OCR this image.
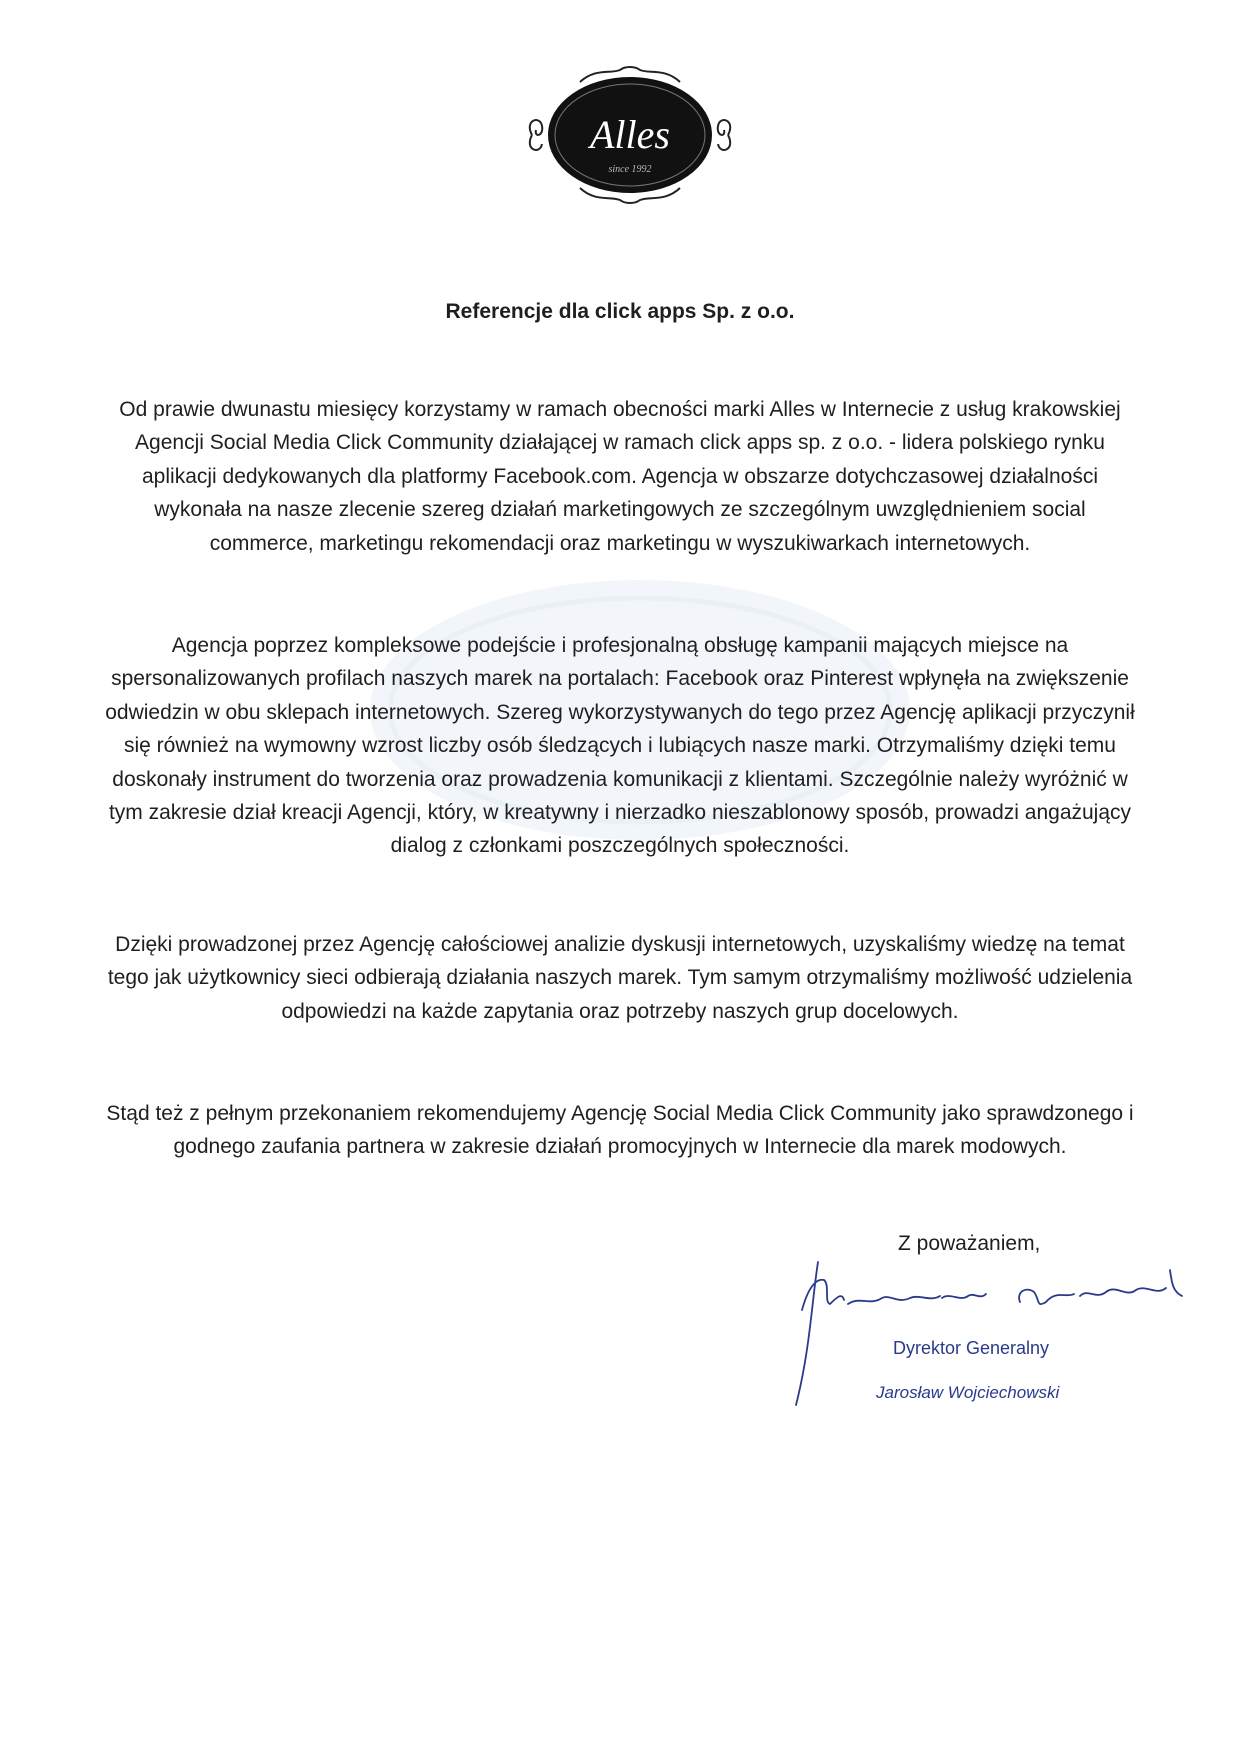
Alles
since 1992
Referencje dla click apps Sp. z o.o.

Od prawie dwunastu miesięcy korzystamy w ramach obecności marki Alles w Internecie z usług krakowskiej Agencji Social Media Click Community działającej w ramach click apps sp. z o.o. - lidera polskiego rynku aplikacji dedykowanych dla platformy Facebook.com. Agencja w obszarze dotychczasowej działalności wykonała na nasze zlecenie szereg działań marketingowych ze szczególnym uwzględnieniem social commerce, marketingu rekomendacji oraz marketingu w wyszukiwarkach internetowych.

Agencja poprzez kompleksowe podejście i profesjonalną obsługę kampanii mających miejsce na spersonalizowanych profilach naszych marek na portalach: Facebook oraz Pinterest wpłynęła na zwiększenie odwiedzin w obu sklepach internetowych. Szereg wykorzystywanych do tego przez Agencję aplikacji przyczynił się również na wymowny wzrost liczby osób śledzących i lubiących nasze marki. Otrzymaliśmy dzięki temu doskonały instrument do tworzenia oraz prowadzenia komunikacji z klientami. Szczególnie należy wyróżnić w tym zakresie dział kreacji Agencji, który, w kreatywny i nierzadko nieszablonowy sposób, prowadzi angażujący dialog z członkami poszczególnych społeczności.

Dzięki prowadzonej przez Agencję całościowej analizie dyskusji internetowych, uzyskaliśmy wiedzę na temat tego jak użytkownicy sieci odbierają działania naszych marek. Tym samym otrzymaliśmy możliwość udzielenia odpowiedzi na każde zapytania oraz potrzeby naszych grup docelowych.

Stąd też z pełnym przekonaniem rekomendujemy Agencję Social Media Click Community jako sprawdzonego i godnego zaufania partnera w zakresie działań promocyjnych w Internecie dla marek modowych.

Z poważaniem,

Dyrektor Generalny

Jarosław Wojciechowski
